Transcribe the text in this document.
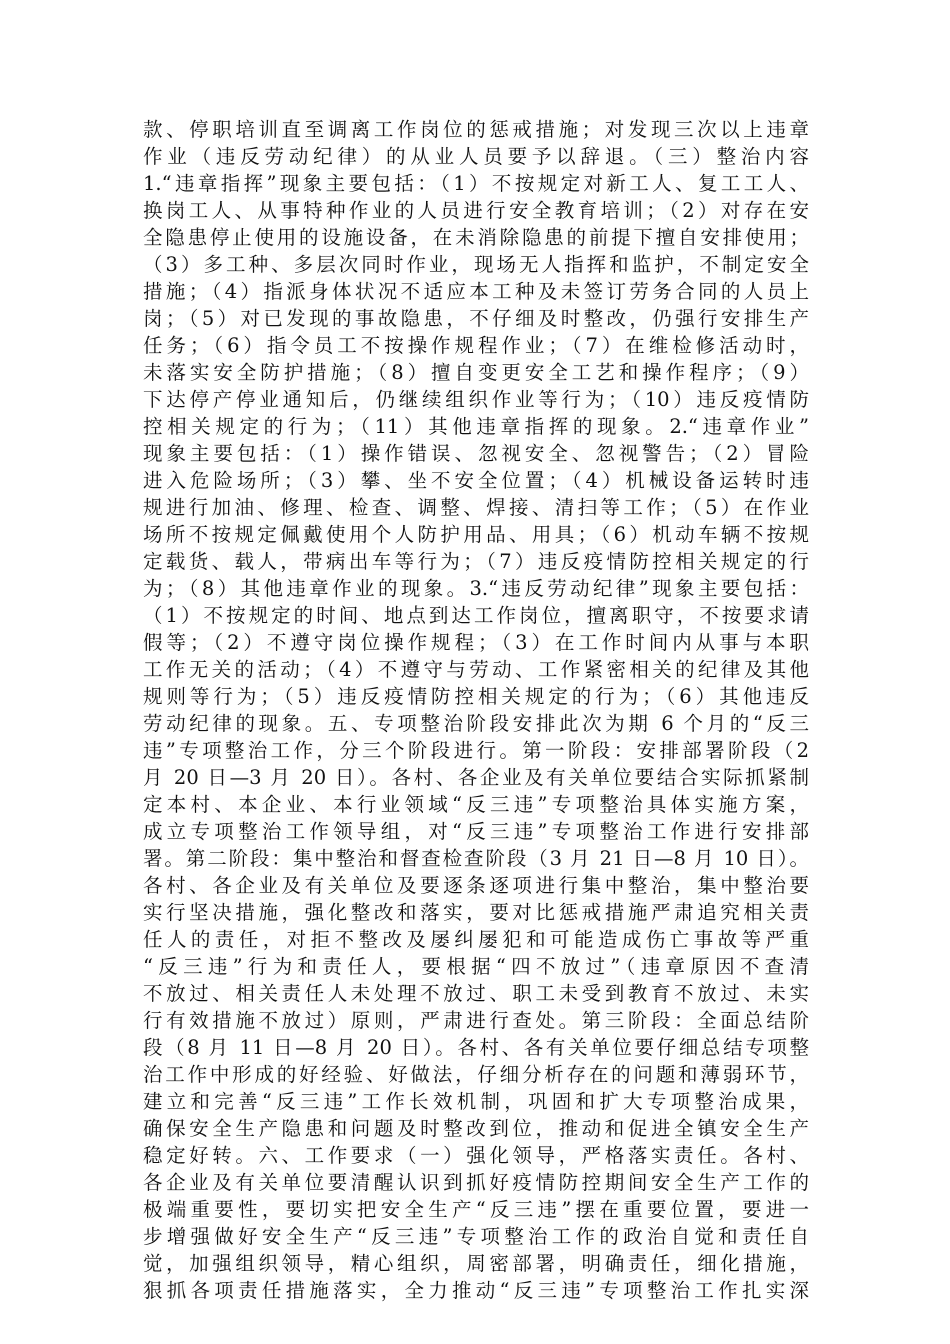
款、停职培训直至调离工作岗位的惩戒措施；对发现三次以上违章
作业（违反劳动纪律）的从业人员要予以辞退。（三）整治内容
1.“违章指挥”现象主要包括：（1）不按规定对新工人、复工工人、
换岗工人、从事特种作业的人员进行安全教育培训；（2）对存在安
全隐患停止使用的设施设备，在未消除隐患的前提下擅自安排使用；
（3）多工种、多层次同时作业，现场无人指挥和监护，不制定安全
措施；（4）指派身体状况不适应本工种及未签订劳务合同的人员上
岗；（5）对已发现的事故隐患，不仔细及时整改，仍强行安排生产
任务；（6）指令员工不按操作规程作业；（7）在维检修活动时，
未落实安全防护措施；（8）擅自变更安全工艺和操作程序；（9）
下达停产停业通知后，仍继续组织作业等行为；（10）违反疫情防
控相关规定的行为；（11）其他违章指挥的现象。2.“违章作业”
现象主要包括：（1）操作错误、忽视安全、忽视警告；（2）冒险
进入危险场所；（3）攀、坐不安全位置；（4）机械设备运转时违
规进行加油、修理、检查、调整、焊接、清扫等工作；（5）在作业
场所不按规定佩戴使用个人防护用品、用具；（6）机动车辆不按规
定载货、载人，带病出车等行为；（7）违反疫情防控相关规定的行
为；（8）其他违章作业的现象。3.“违反劳动纪律”现象主要包括：
（1）不按规定的时间、地点到达工作岗位，擅离职守，不按要求请
假等；（2）不遵守岗位操作规程；（3）在工作时间内从事与本职
工作无关的活动；（4）不遵守与劳动、工作紧密相关的纪律及其他
规则等行为；（5）违反疫情防控相关规定的行为；（6）其他违反
劳动纪律的现象。五、专项整治阶段安排此次为期 6 个月的“反三
违”专项整治工作，分三个阶段进行。第一阶段：安排部署阶段（2
月 20 日—3 月 20 日）。各村、各企业及有关单位要结合实际抓紧制
定本村、本企业、本行业领域“反三违”专项整治具体实施方案，
成立专项整治工作领导组，对“反三违”专项整治工作进行安排部
署。第二阶段：集中整治和督查检查阶段（3 月 21 日—8 月 10 日）。
各村、各企业及有关单位及要逐条逐项进行集中整治，集中整治要
实行坚决措施，强化整改和落实，要对比惩戒措施严肃追究相关责
任人的责任，对拒不整改及屡纠屡犯和可能造成伤亡事故等严重
“反三违”行为和责任人，要根据“四不放过”（违章原因不查清
不放过、相关责任人未处理不放过、职工未受到教育不放过、未实
行有效措施不放过）原则，严肃进行查处。第三阶段：全面总结阶
段（8 月 11 日—8 月 20 日）。各村、各有关单位要仔细总结专项整
治工作中形成的好经验、好做法，仔细分析存在的问题和薄弱环节，
建立和完善“反三违”工作长效机制，巩固和扩大专项整治成果，
确保安全生产隐患和问题及时整改到位，推动和促进全镇安全生产
稳定好转。六、工作要求（一）强化领导，严格落实责任。各村、
各企业及有关单位要清醒认识到抓好疫情防控期间安全生产工作的
极端重要性，要切实把安全生产“反三违”摆在重要位置，要进一
步增强做好安全生产“反三违”专项整治工作的政治自觉和责任自
觉，加强组织领导，精心组织，周密部署，明确责任，细化措施，
狠抓各项责任措施落实，全力推动“反三违”专项整治工作扎实深
